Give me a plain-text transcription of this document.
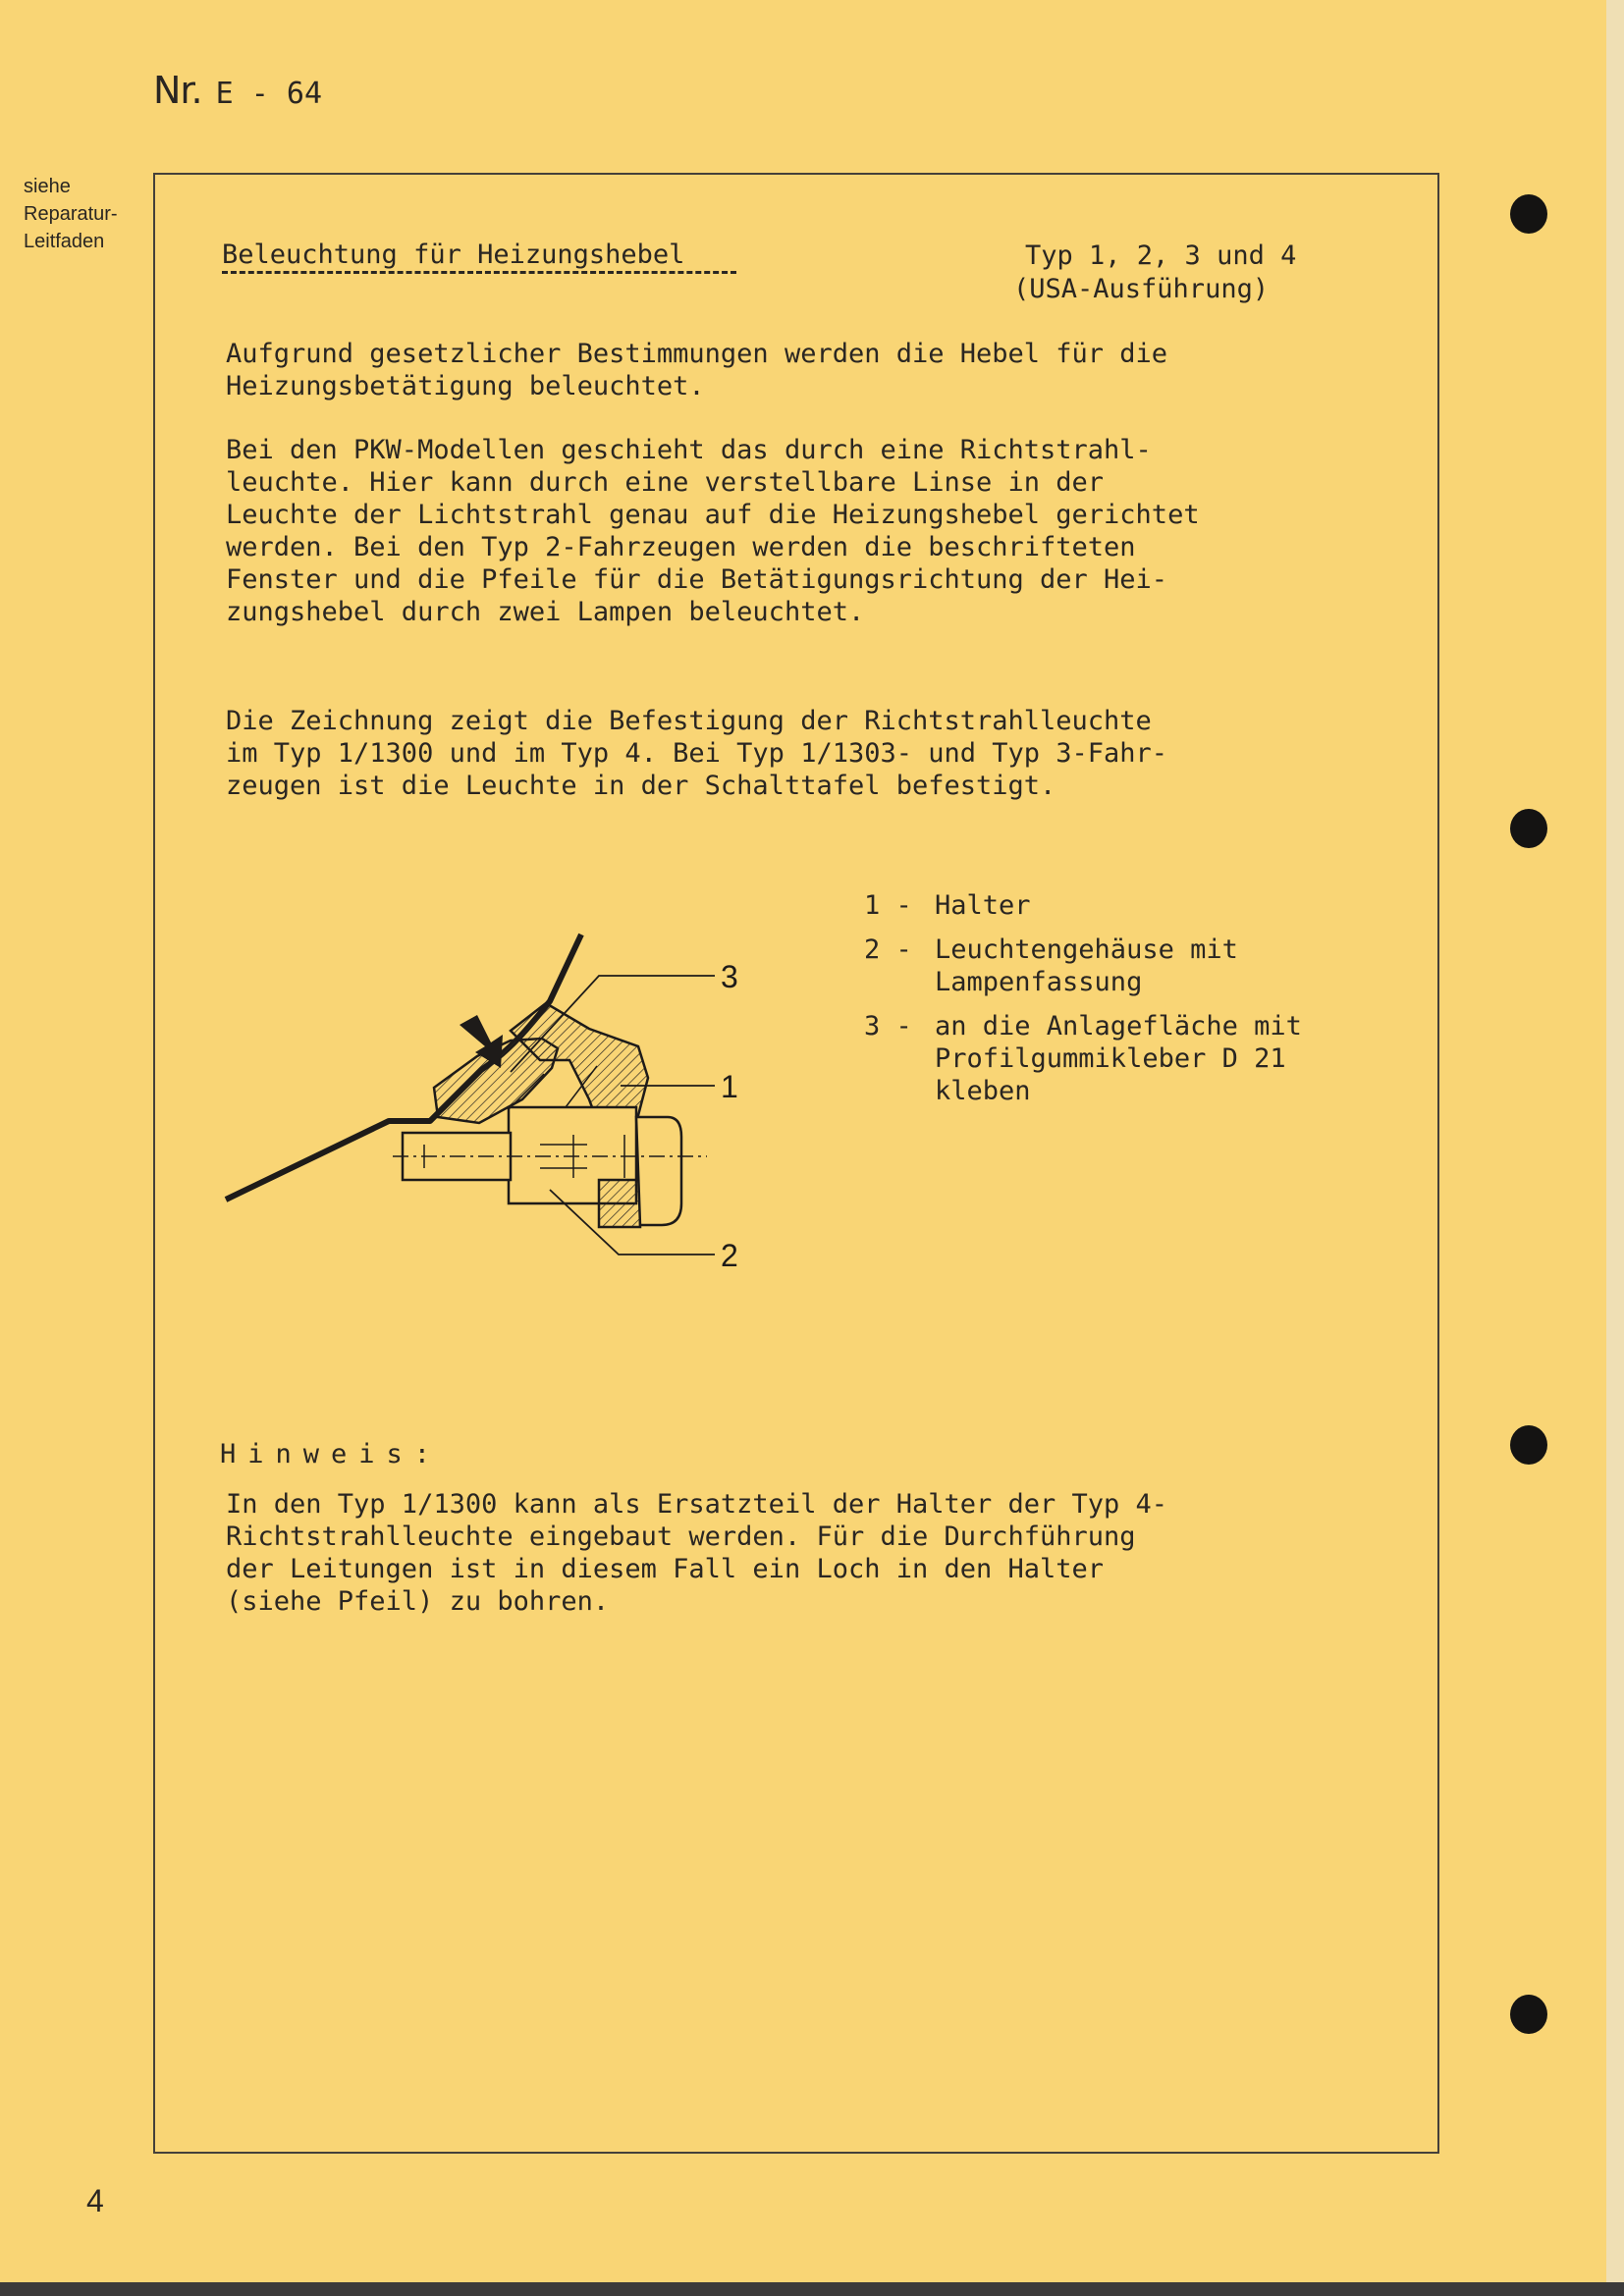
Nr. E - 64
siehe
Reparatur-
Leitfaden	Beleuchtung für Heizungshebel	Typ 1, 2, 3 und 4
(USA-Ausführung)
Aufgrund gesetzlicher Bestimmungen werden die Hebel für die
Heizungsbetätigung beleuchtet.
Bei den PKW-Modellen geschieht das durch eine Richtstrahl-
leuchte. Hier kann durch eine verstellbare Linse in der
Leuchte der Lichtstrahl genau auf die Heizungshebel gerichtet
werden. Bei den Typ 2-Fahrzeugen werden die beschrifteten
Fenster und die Pfeile für die Betätigungsrichtung der Hei-
zungshebel durch zwei Lampen beleuchtet.
Die Zeichnung zeigt die Befestigung der Richtstrahlleuchte
im Typ 1/1300 und im Typ 4. Bei Typ 1/1303- und Typ 3-Fahr-
zeugen ist die Leuchte in der Schalttafel befestigt.
3
1
2
1 - Halter
2 - Leuchtengehäuse mit
Lampenfassung
3 - an die Anlagefläche mit
Profilgummikleber D 21
kleben
Hinweis:
In den Typ 1/1300 kann als Ersatzteil der Halter der Typ 4-
Richtstrahlleuchte eingebaut werden. Für die Durchführung
der Leitungen ist in diesem Fall ein Loch in den Halter
(siehe Pfeil) zu bohren.
4
